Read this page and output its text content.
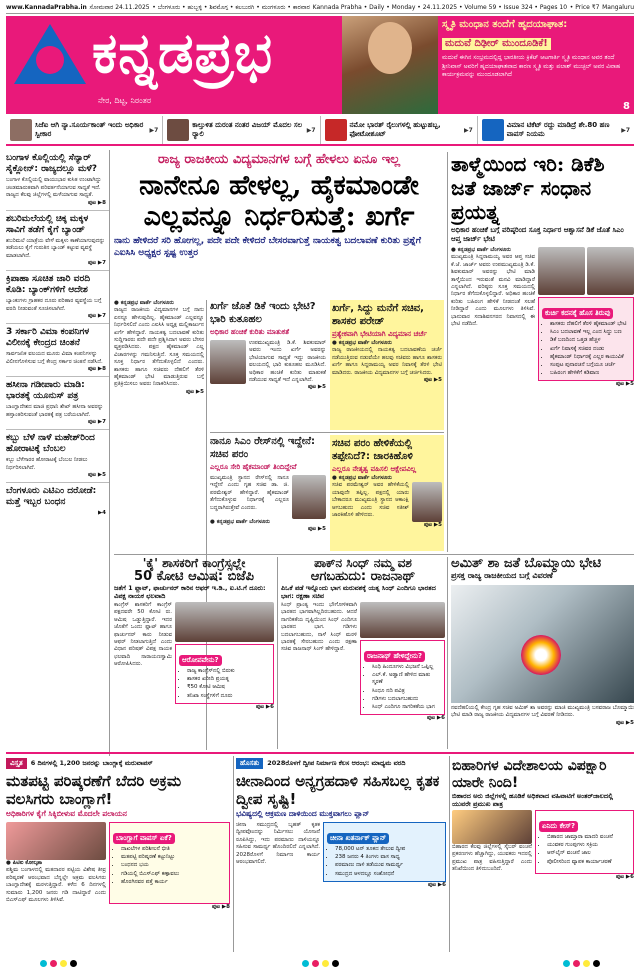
www.KannadaPrabha.in ಸೋಮವಾರ 24.11.2025 • ಬೆಂಗಳೂರು • ಹುಬ್ಬಳ್ಳಿ • ಶಿವಮೊಗ್ಗ • ಕಲಬುರಗಿ • ಮಂಗಳೂರು • ಕಾರವಾರ Kannada Prabha • Daily • Monday • 24.11.2025 • Volume 59 • Issue 324 • Pages 10 • Price ₹7 Mangaluru
ಕನ್ನಡಪ್ರಭ
ನೇರ, ದಿಟ್ಟ, ನಿರಂತರ
ಸ್ಮೃತಿ ಮಂಧಾನ ತಂದೆಗೆ ಹೃದಯಾಘಾತ:
ಮದುವೆ ದಿಢೀರ್ ಮುಂದೂಡಿಕೆ!
ಮದುವೆ ಈಗಿನ ಸಂಭ್ರಮದಲ್ಲಿದ್ದ ಭಾರತೀಯ ಕ್ರಿಕೆಟ್ ಆಟಗಾರ್ತಿ ಸ್ಮೃತಿ ಮಂಧಾನ ಅವರ ತಂದೆ ಶ್ರೀನಿವಾಸ್ ಅವರಿಗೆ ಹೃದಯಾಘಾತವಾದ ಕಾರಣ ಸ್ಮೃತಿ ಮತ್ತು ಪಲಾಶ್ ಮುಚ್ಛಲ್ ಅವರ ವಿವಾಹ ಕಾರ್ಯಕ್ರಮವನ್ನು ಮುಂದೂಡಲಾಗಿದೆ
8
ಸಿಜೆಐ ಆಗಿ ನ್ಯಾ.ಸೂರ್ಯಕಾಂತ್ ಇಂದು ಅಧಿಕಾರ ಸ್ವೀಕಾರ	▶7
ಕಾಲ್ತುಳಿತ ದುರಂತ ನಂತರ ವಿಜಯ್ ಮೊದಲ ಸಲ ರ‍್ಯಾಲಿ	▶7
ನಮೋ ಭಾರತ್ ರೈಲುಗಳಲ್ಲಿ ಹುಟ್ಟುಹಬ್ಬ, ಫೋಟೋಶೂಟ್	▶7
ವಿಮಾನ ಟಿಕೆಟ್ ರದ್ದು ಮಾಡಿದ್ರೆ ಶೇ.80 ಹಣ ವಾಪಸ್ ನಿಯಮ	▶7
ಬಂಗಾಳ ಕೊಲ್ಲಿಯಲ್ಲಿ ಸೆನ್ಯಾರ್ ಸೈಕ್ಲೋನ್: ರಾಜ್ಯದಲ್ಲೂ ಮಳೆ?
ಬಂಗಾಳ ಕೊಲ್ಲಿಯಲ್ಲಿ ವಾಯುಭಾರ ಕುಸಿತ ಉಂಟಾಗಿದ್ದು ಚಂಡಮಾರುತವಾಗಿ ಪರಿವರ್ತನೆಯಾಗುವ ಸಾಧ್ಯತೆ ಇದೆ. ರಾಜ್ಯದ ಕೆಲವು ಜಿಲ್ಲೆಗಳಲ್ಲಿ ಮಳೆಯಾಗುವ ಸಾಧ್ಯತೆ.
ಪುಟ ▶8
ಶಬರಿಮಲೆಯಲ್ಲಿ ಚಿಕ್ಕ ಮಕ್ಕಳ ಸಾವಿಗೆ ತಡೆಗೆ ಕೈಗೆ ಬ್ಯಾಂಡ್
ಶಬರಿಮಲೆ ಯಾತ್ರೆಯ ವೇಳೆ ಮಕ್ಕಳು ಕಾಣೆಯಾಗುವುದನ್ನು ತಡೆಯಲು ಕೈಗೆ ಗುರುತಿನ ಬ್ಯಾಂಡ್ ಕಟ್ಟುವ ವ್ಯವಸ್ಥೆ ಮಾಡಲಾಗಿದೆ.
ಪುಟ ▶7
ಕ್ರಿಪಾಹಾ ಸೂಚಿತ ಜಾರಿ ವರದಿ ಕೊಡಿ: ಬ್ಯಾಂಕ್‌ಗಳಿಗೆ ಆದೇಶ
ಬ್ಯಾಂಕುಗಳು ಗ್ರಾಹಕರ ದೂರು ಪರಿಹಾರ ವ್ಯವಸ್ಥೆಯ ಬಗ್ಗೆ ವರದಿ ನೀಡುವಂತೆ ಸೂಚಿಸಲಾಗಿದೆ.
ಪುಟ ▶7
3 ಸರ್ಕಾರಿ ವಿಮಾ ಕಂಪನಿಗಳ ವಿಲೀನಕ್ಕೆ ಕೇಂದ್ರದ ಚಿಂತನೆ
ಸಾರ್ವಜನಿಕ ವಲಯದ ಮೂರು ವಿಮಾ ಕಂಪನಿಗಳನ್ನು ವಿಲೀನಗೊಳಿಸುವ ಬಗ್ಗೆ ಕೇಂದ್ರ ಸರ್ಕಾರ ಚಿಂತನೆ ನಡೆಸಿದೆ.
ಪುಟ ▶8
ಹಸೀನಾ ಗಡೀಪಾರು ಮಾಡಿ: ಭಾರತಕ್ಕೆ ಯೂನುಸ್ ಪತ್ರ
ಬಾಂಗ್ಲಾದೇಶದ ಮಾಜಿ ಪ್ರಧಾನಿ ಶೇಖ್ ಹಸೀನಾ ಅವರನ್ನು ಹಸ್ತಾಂತರಿಸುವಂತೆ ಭಾರತಕ್ಕೆ ಪತ್ರ ಬರೆಯಲಾಗಿದೆ.
ಪುಟ ▶7
ಕಬ್ಬು ಬೆಳೆ ನಾಳೆ ಮಹೇಶ್‌ರಿಂದ ಹೋರಾಟಕ್ಕೆ ಬೆಂಬಲ
ಕಬ್ಬು ಬೆಳೆಗಾರರ ಹೋರಾಟಕ್ಕೆ ಬೆಂಬಲ ನೀಡಲು ನಿರ್ಧರಿಸಲಾಗಿದೆ.
ಪುಟ ▶5
ಬೆಂಗಳೂರು ಎಟಿಎಂ ದರೋಡೆ: ಮತ್ತೆ ಇಬ್ಬರ ಬಂಧನ
▶4
ರಾಜ್ಯ ರಾಜಕೀಯ ವಿದ್ಯಮಾನಗಳ ಬಗ್ಗೆ ಹೇಳಲು ಏನೂ ಇಲ್ಲ
ನಾನೇನೂ ಹೇಳಲ್ಲ, ಹೈಕಮಾಂಡೇ ಎಲ್ಲವನ್ನೂ ನಿರ್ಧರಿಸುತ್ತೆ: ಖರ್ಗೆ
ನಾನು ಹೇಳಿದರೆ ಸರಿ ಹೋಗಲ್ಲ, ಪದೇ ಪದೇ ಕೇಳಿದರೆ ಬೇಸರವಾಗುತ್ತೆ ನಾಯಕತ್ವ ಬದಲಾವಣೆ ಕುರಿತು ಪ್ರಶ್ನೆಗೆ ಎಐಸಿಸಿ ಅಧ್ಯಕ್ಷರ ಸ್ಪಷ್ಟ ಉತ್ತರ
● ಕನ್ನಡಪ್ರಭ ವಾರ್ತೆ ಬೆಂಗಳೂರು
ರಾಜ್ಯದ ರಾಜಕೀಯ ವಿದ್ಯಮಾನಗಳ ಬಗ್ಗೆ ನಾನು ಏನನ್ನೂ ಹೇಳುವುದಿಲ್ಲ. ಹೈಕಮಾಂಡ್ ಎಲ್ಲವನ್ನೂ ನಿರ್ಧರಿಸಲಿದೆ ಎಂದು ಎಐಸಿಸಿ ಅಧ್ಯಕ್ಷ ಮಲ್ಲಿಕಾರ್ಜುನ ಖರ್ಗೆ ಹೇಳಿದ್ದಾರೆ. ನಾಯಕತ್ವ ಬದಲಾವಣೆ ಕುರಿತು ಸುದ್ದಿಗಾರರು ಪದೇ ಪದೇ ಪ್ರಶ್ನಿಸಿದಾಗ ಅವರು ಬೇಸರ ವ್ಯಕ್ತಪಡಿಸಿದರು. ಪಕ್ಷದ ಹೈಕಮಾಂಡ್ ಎಲ್ಲ ವಿಚಾರಗಳನ್ನು ಗಮನಿಸುತ್ತಿದೆ. ಸೂಕ್ತ ಸಮಯದಲ್ಲಿ ಸೂಕ್ತ ನಿರ್ಧಾರ ತೆಗೆದುಕೊಳ್ಳಲಿದೆ ಎಂದರು. ಶಾಸಕರು ಹಾಗೂ ಸಚಿವರು ದೆಹಲಿಗೆ ತೆರಳಿ ಹೈಕಮಾಂಡ್ ಭೇಟಿ ಮಾಡುತ್ತಿರುವ ಬಗ್ಗೆ ಪ್ರತಿಕ್ರಿಯಿಸಲು ಅವರು ನಿರಾಕರಿಸಿದರು.
ಪುಟ ▶5
ಖರ್ಗೆ ಜೊತೆ ಡಿಕೆ ಇಂದು ಭೇಟಿ? ಭಾರಿ ಕುತೂಹಲ
ಅಧಿಕಾರ ಹಂಚಿಕೆ ಕುರಿತು ಮಾತುಕತೆ
ಉಪಮುಖ್ಯಮಂತ್ರಿ ಡಿ.ಕೆ. ಶಿವಕುಮಾರ್ ಅವರು ಇಂದು ಖರ್ಗೆ ಅವರನ್ನು ಭೇಟಿಯಾಗುವ ಸಾಧ್ಯತೆ ಇದ್ದು ರಾಜಕೀಯ ವಲಯದಲ್ಲಿ ಭಾರಿ ಕುತೂಹಲ ಮೂಡಿಸಿದೆ. ಅಧಿಕಾರ ಹಂಚಿಕೆ ಕುರಿತು ಮಾತುಕತೆ ನಡೆಯುವ ಸಾಧ್ಯತೆ ಇದೆ ಎನ್ನಲಾಗಿದೆ.
ಪುಟ ▶5
ಖರ್ಗೆ, ಸಿದ್ದು ಮನೆಗೆ ಸಚಿವ, ಶಾಸಕರ ಪರೇಡ್
ಪ್ರತ್ಯೇಕವಾಗಿ ಭೇಟಿಯಾಗಿ ವಿದ್ಯಮಾನ ಚರ್ಚೆ
● ಕನ್ನಡಪ್ರಭ ವಾರ್ತೆ ಬೆಂಗಳೂರು
ರಾಜ್ಯ ರಾಜಕೀಯದಲ್ಲಿ ನಾಯಕತ್ವ ಬದಲಾವಣೆಯ ಚರ್ಚೆ ನಡೆಯುತ್ತಿರುವ ನಡುವೆಯೇ ಹಲವು ಸಚಿವರು ಹಾಗೂ ಶಾಸಕರು ಖರ್ಗೆ ಹಾಗೂ ಸಿದ್ದರಾಮಯ್ಯ ಅವರ ನಿವಾಸಕ್ಕೆ ತೆರಳಿ ಭೇಟಿ ಮಾಡಿದರು. ರಾಜಕೀಯ ವಿದ್ಯಮಾನಗಳ ಬಗ್ಗೆ ಚರ್ಚಿಸಿದರು.
ಪುಟ ▶5
ನಾನೂ ಸಿಎಂ ರೇಸ್‌ನಲ್ಲಿ ಇದ್ದೇನೆ: ಸಚಿವ ಪರಂ
ಎಲ್ಲರೂ ಸೇರಿ ಹೈಕಮಾಂಡ್ ತಿಂದಿದ್ದೇವೆ
ಮುಖ್ಯಮಂತ್ರಿ ಸ್ಥಾನದ ರೇಸ್‌ನಲ್ಲಿ ನಾನೂ ಇದ್ದೇನೆ ಎಂದು ಗೃಹ ಸಚಿವ ಡಾ. ಜಿ. ಪರಮೇಶ್ವರ್ ಹೇಳಿದ್ದಾರೆ. ಹೈಕಮಾಂಡ್ ತೆಗೆದುಕೊಳ್ಳುವ ನಿರ್ಧಾರಕ್ಕೆ ಎಲ್ಲರೂ ಬದ್ಧರಾಗಿರುತ್ತೇವೆ ಎಂದರು.
● ಕನ್ನಡಪ್ರಭ ವಾರ್ತೆ ಬೆಂಗಳೂರು
ಪುಟ ▶5
ಸಚಿವ ಪರಂ ಹೇಳಿಕೆಯಲ್ಲಿ ತಪ್ಪೇನಿದೆ?: ಜಾರಕಿಹೊಳಿ
ಎಲ್ಲರೂ ನೇತೃತ್ವ ವಹಿಸಲಿ ಆಕ್ಷೇಪವಿಲ್ಲ
● ಕನ್ನಡಪ್ರಭ ವಾರ್ತೆ ಬೆಂಗಳೂರು
ಸಚಿವ ಪರಮೇಶ್ವರ್ ಅವರ ಹೇಳಿಕೆಯಲ್ಲಿ ಯಾವುದೇ ತಪ್ಪಿಲ್ಲ. ಪಕ್ಷದಲ್ಲಿ ಯಾರು ಬೇಕಾದರೂ ಮುಖ್ಯಮಂತ್ರಿ ಸ್ಥಾನದ ಆಕಾಂಕ್ಷಿ ಆಗಬಹುದು ಎಂದು ಸಚಿವ ಸತೀಶ್ ಜಾರಕಿಹೊಳಿ ಹೇಳಿದರು.
ಪುಟ ▶5
ತಾಳ್ಮೆಯಿಂದ ಇರಿ: ಡಿಕೆಶಿ ಜತೆ ಜಾರ್ಜ್ ಸಂಧಾನ ಪ್ರಯತ್ನ
ಅಧಿಕಾರ ಹಂಚಿಕೆ ಬಗ್ಗೆ ವರಿಷ್ಠರಿಂದ ಸೂಕ್ತ ನಿರ್ಧಾರ ಆಶ್ವಾಸನೆ ಡಿಕೆ ಜೊತೆ ಸಿಎಂ ಆಪ್ತ ಜಾರ್ಜ್ ಭೇಟಿ
● ಕನ್ನಡಪ್ರಭ ವಾರ್ತೆ ಬೆಂಗಳೂರು
ಮುಖ್ಯಮಂತ್ರಿ ಸಿದ್ದರಾಮಯ್ಯ ಅವರ ಆಪ್ತ ಸಚಿವ ಕೆ.ಜೆ. ಜಾರ್ಜ್ ಅವರು ಉಪಮುಖ್ಯಮಂತ್ರಿ ಡಿ.ಕೆ. ಶಿವಕುಮಾರ್ ಅವರನ್ನು ಭೇಟಿ ಮಾಡಿ ತಾಳ್ಮೆಯಿಂದ ಇರುವಂತೆ ಮನವಿ ಮಾಡಿದ್ದಾರೆ ಎನ್ನಲಾಗಿದೆ. ವರಿಷ್ಠರು ಸೂಕ್ತ ಸಮಯದಲ್ಲಿ ನಿರ್ಧಾರ ತೆಗೆದುಕೊಳ್ಳಲಿದ್ದಾರೆ. ಅಧಿಕಾರ ಹಂಚಿಕೆ ಕುರಿತು ಬಹಿರಂಗ ಹೇಳಿಕೆ ನೀಡದಂತೆ ಸಲಹೆ ನೀಡಿದ್ದಾರೆ ಎಂದು ಮೂಲಗಳು ತಿಳಿಸಿವೆ. ಭಾನುವಾರ ಸದಾಶಿವನಗರದ ನಿವಾಸದಲ್ಲಿ ಈ ಭೇಟಿ ನಡೆದಿದೆ.
ಕುರ್ಚಿ ಕದನಕ್ಕೆ ಹೊಸ ತಿರುವು
• ಶಾಸಕರು ದೆಹಲಿಗೆ ತೆರಳಿ ಹೈಕಮಾಂಡ್ ಭೇಟಿ
• ಸಿಎಂ ಬದಲಾವಣೆ ಇಲ್ಲ ಎಂದ ಸಿದ್ದು ಬಣ
• ಡಿಕೆ ಬಣದಿಂದ ಒತ್ತಡ ಹೆಚ್ಚಳ
• ಖರ್ಗೆ ನಿವಾಸಕ್ಕೆ ಸಚಿವರ ದಂಡು
• ಹೈಕಮಾಂಡ್ ನಿರ್ಧಾರಕ್ಕೆ ಎಲ್ಲರ ಕಾಯುವಿಕೆ
• ಸಂಪುಟ ಪುನಾರಚನೆ ಬಗ್ಗೆಯೂ ಚರ್ಚೆ
• ಬಹಿರಂಗ ಹೇಳಿಕೆಗೆ ಕಡಿವಾಣ
ಪುಟ ▶5
'ಕೈ' ಶಾಸಕರಿಗೆ ಕಾಂಗ್ರೆಸ್ಸಲ್ಲೇ
50 ಕೋಟಿ ಆಮಿಷ: ಬಿಜೆಪಿ
ಜತೆಗೆ 1 ಫ್ಲಾಟ್, ಫಾರ್ಚುನರ್ ಕಾರಿನ ಆಫರ್ ಇ.ಡಿ., ಐ.ಟಿ.ಗೆ ದೂರು: ವಿಪಕ್ಷ ನಾಯಕ ಛಲವಾದಿ
ಕಾಂಗ್ರೆಸ್ ಶಾಸಕರಿಗೆ ಕಾಂಗ್ರೆಸ್ ಪಕ್ಷದವರೇ 50 ಕೋಟಿ ರು. ಆಮಿಷ ಒಡ್ಡುತ್ತಿದ್ದಾರೆ. ಇದರ ಜೊತೆಗೆ ಒಂದು ಫ್ಲಾಟ್ ಹಾಗೂ ಫಾರ್ಚುನರ್ ಕಾರು ನೀಡುವ ಆಫರ್ ನೀಡಲಾಗುತ್ತಿದೆ ಎಂದು ವಿಧಾನ ಪರಿಷತ್ ವಿಪಕ್ಷ ನಾಯಕ ಛಲವಾದಿ ನಾರಾಯಣಸ್ವಾಮಿ ಆರೋಪಿಸಿದರು.
ಆರೋಪವೇನು?
• ರಾಜ್ಯ ಕಾಂಗ್ರೆಸ್‌ನಲ್ಲಿ ಬಿರುಕು
• ಶಾಸಕರ ಖರೀದಿ ಪ್ರಯತ್ನ
• ₹50 ಕೋಟಿ ಆಮಿಷ
• ತನಿಖಾ ಸಂಸ್ಥೆಗಳಿಗೆ ದೂರು
ಪುಟ ▶6
ಪಾಕ್‌ನ ಸಿಂಧ್ ನಮ್ಮ ವಶ
ಆಗಬಹುದು: ರಾಜನಾಥ್
ಪಿಒಕೆ ಪಡೆ ಇನ್ನೊಂದು ಭಾಗ ಮರುವಶಕ್ಕೆ ಯತ್ನ ಸಿಂಧ್ ಎಂದಿಗೂ ಭಾರತದ ಭಾಗ: ರಕ್ಷಣಾ ಸಚಿವ
ಸಿಂಧ್ ಪ್ರಾಂತ್ಯ ಇಂದು ಭೌಗೋಳಿಕವಾಗಿ ಭಾರತದ ಭಾಗವಾಗಿಲ್ಲದಿರಬಹುದು. ಆದರೆ ನಾಗರಿಕತೆಯ ದೃಷ್ಟಿಯಿಂದ ಸಿಂಧ್ ಎಂದಿಗೂ ಭಾರತದ ಭಾಗ. ಗಡಿಗಳು ಬದಲಾಗಬಹುದು, ನಾಳೆ ಸಿಂಧ್ ಮರಳಿ ಭಾರತಕ್ಕೆ ಸೇರಬಹುದು ಎಂದು ರಕ್ಷಣಾ ಸಚಿವ ರಾಜನಾಥ್ ಸಿಂಗ್ ಹೇಳಿದ್ದಾರೆ.
ರಾಜನಾಥ್ ಹೇಳಿದ್ದೇನು?
• ಸಿಂಧಿ ಹಿಂದೂಗಳು ವಿಭಜನೆ ಒಪ್ಪಿಲ್ಲ
• ಎಲ್.ಕೆ. ಅಡ್ವಾಣಿ ಹೇಳಿದ ಮಾತು ಸ್ಮರಣೆ
• ಸಿಂಧೂ ನದಿ ಪವಿತ್ರ
• ಗಡಿಗಳು ಬದಲಾಗಬಹುದು
• ಸಿಂಧ್ ಎಂದಿಗೂ ನಾಗರಿಕತೆಯ ಭಾಗ
ಪುಟ ▶6
ಅಮಿತ್ ಶಾ ಜತೆ ಬೊಮ್ಮಾಯಿ ಭೇಟಿ
ಪ್ರಸಕ್ತ ರಾಜ್ಯ ರಾಜಕೀಯದ ಬಗ್ಗೆ ವಿವರಣೆ
ನವದೆಹಲಿಯಲ್ಲಿ ಕೇಂದ್ರ ಗೃಹ ಸಚಿವ ಅಮಿತ್ ಶಾ ಅವರನ್ನು ಮಾಜಿ ಮುಖ್ಯಮಂತ್ರಿ ಬಸವರಾಜ ಬೊಮ್ಮಾಯಿ ಭೇಟಿ ಮಾಡಿ ರಾಜ್ಯ ರಾಜಕೀಯ ವಿದ್ಯಮಾನಗಳ ಬಗ್ಗೆ ವಿವರಣೆ ನೀಡಿದರು.
ಪುಟ ▶5
ವಿಸ್ತೃತ	6 ದಿನಗಳಲ್ಲಿ 1,200 ಜನರನ್ನು ಬಾಂಗ್ಲಾಕ್ಕೆ ಮರುವಾಪಸ್	ಹೊಸತು	2028ರೊಳಗೆ ದ್ವೀಪ ನಿರ್ಮಾಣ ಕೆಲಸ ಆರಂಭ: ಮಾಧ್ಯಮ ವರದಿ
ಮತಪಟ್ಟಿ ಪರಿಷ್ಕರಣೆಗೆ ಬೆದರಿ ಅಕ್ರಮ ವಲಸಿಗರು ಬಾಂಗ್ಲಾಗೆ!
ಅಧಿಕಾರಿಗಳ ಕೈಗೆ ಸಿಕ್ಕಿಬೀಳುವ ಮೊದಲೇ ಪಲಾಯನ
● ಪಿಟಿಐ ಕೋಲ್ಕತಾ
ಪಶ್ಚಿಮ ಬಂಗಾಳದಲ್ಲಿ ಮತದಾರರ ಪಟ್ಟಿಯ ವಿಶೇಷ ತೀವ್ರ ಪರಿಷ್ಕರಣೆ ಆರಂಭವಾದ ಬೆನ್ನಲ್ಲೇ ಅಕ್ರಮ ವಲಸಿಗರು ಬಾಂಗ್ಲಾದೇಶಕ್ಕೆ ಮರಳುತ್ತಿದ್ದಾರೆ. ಕಳೆದ 6 ದಿನಗಳಲ್ಲಿ ಸುಮಾರು 1,200 ಜನರು ಗಡಿ ದಾಟಿದ್ದಾರೆ ಎಂದು ಬಿಎಸ್ಎಫ್ ಮೂಲಗಳು ತಿಳಿಸಿವೆ.
ಬಾಂಗ್ಲಾಗೆ ವಾಪಸ್ ಏಕೆ?
• ದಾಖಲೆಗಳ ಪರಿಶೀಲನೆ ಭೀತಿ
• ಮತಪಟ್ಟಿ ಪರಿಷ್ಕರಣೆ ಕಟ್ಟುನಿಟ್ಟು
• ಬಂಧನದ ಭಯ
• ಗಡಿಯಲ್ಲಿ ಬಿಎಸ್ಎಫ್ ಕಣ್ಗಾವಲು
• ಹೊರಗಿನವರ ಪತ್ತೆ ಕಾರ್ಯ
ಪುಟ ▶8
ಚೀನಾದಿಂದ ಅನ್ಯಗ್ರಹದಾಳಿ ಸಹಿಸಬಲ್ಲ ಕೃತಕ ದ್ವೀಪ ಸೃಷ್ಟಿ!
ಭವಿಷ್ಯದಲ್ಲಿ ಆಕ್ರಮಣ ದಾಳಿಯಿಂದ ಮುಕ್ತವಾಗಲು ಪ್ಲಾನ್
ಚೀನಾ ಸಮುದ್ರದಲ್ಲಿ ಬೃಹತ್ ಕೃತಕ ದ್ವೀಪವೊಂದನ್ನು ನಿರ್ಮಿಸಲು ಯೋಜನೆ ರೂಪಿಸಿದ್ದು, ಇದು ಪರಮಾಣು ದಾಳಿಯನ್ನೂ ಸಹಿಸುವ ಸಾಮರ್ಥ್ಯ ಹೊಂದಿರಲಿದೆ ಎನ್ನಲಾಗಿದೆ. 2028ರೊಳಗೆ ನಿರ್ಮಾಣ ಕಾರ್ಯ ಆರಂಭವಾಗಲಿದೆ.
ಚೀನಾ ಖತರ್ನಾಕ್ ಪ್ಲಾನ್
• 78,000 ಟನ್ ತೂಕದ ತೇಲುವ ದ್ವೀಪ
• 238 ಜನರು 4 ತಿಂಗಳು ವಾಸ ಸಾಧ್ಯ
• ಪರಮಾಣು ದಾಳಿ ತಡೆಯುವ ಸಾಮರ್ಥ್ಯ
• ಸಮುದ್ರದ ಆಳದಲ್ಲೂ ಸಂಶೋಧನೆ
ಪುಟ ▶6
ಬಿಹಾರಿಗಳ ವಿದೇಶಾಲಯ ವಿಪಕ್ಷಾರಿ ಯಾರೇ ನಿಂದಿ!
ಬಿಹಾರದ ಅರು ಜಿಲ್ಲೆಗಳಲ್ಲಿ ಹೂಡಿಕೆ ಅಧಿಕವಾದ ವಹಿವಾಟಿಗೆ ಅಂತರ್‌ಜಾಲದಲ್ಲಿ ಯುವರೇ ಪ್ರಮುಖ ಪಾತ್ರ
ಬಿಹಾರದ ಕೆಲವು ಜಿಲ್ಲೆಗಳಲ್ಲಿ ಸೈಬರ್ ವಂಚನೆ ಪ್ರಕರಣಗಳು ಹೆಚ್ಚಾಗಿದ್ದು, ಯುವಕರು ಇದರಲ್ಲಿ ಪ್ರಮುಖ ಪಾತ್ರ ವಹಿಸುತ್ತಿದ್ದಾರೆ ಎಂದು ತನಿಖೆಯಿಂದ ತಿಳಿದುಬಂದಿದೆ.
ಏನಿದು ಕೇಸ್?
• ಬಿಹಾರದ ಜಾಮ್ತಾರಾ ಮಾದರಿ ವಂಚನೆ
• ಯುವಕರ ಗುಂಪುಗಳು ಸಕ್ರಿಯ
• ಆನ್‌ಲೈನ್ ವಂಚನೆ ಜಾಲ
• ಪೊಲೀಸರಿಂದ ವ್ಯಾಪಕ ಕಾರ್ಯಾಚರಣೆ
ಪುಟ ▶6
